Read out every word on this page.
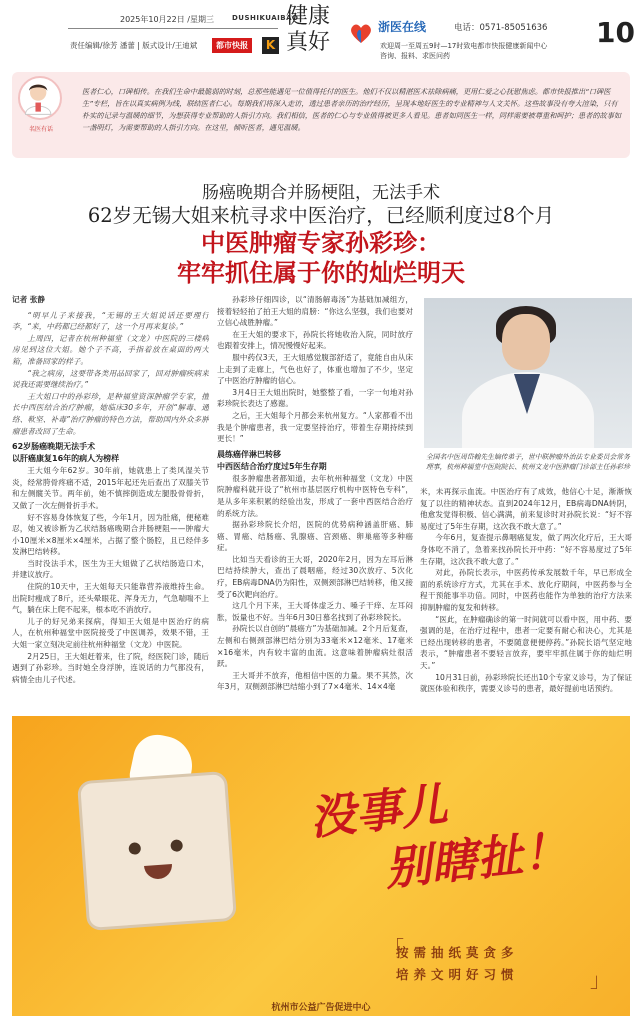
2025年10月22日 /星期三	DUSHIKUAIBAO
责任编辑/徐芳 潘蕾 | 版式设计/王迪斌	都市快报	K
健康
真好
浙医在线	电话：0571-85051636
欢迎周一至周五9时—17时致电都市快报健康新闻中心
咨询、报料、求医问药
10
名医有话
医者仁心，口碑相传。在我们生命中最脆弱的时刻，总那些能遇见一位值得托付的医生。他们不仅以精湛医术祛除病痛，更用仁爱之心抚慰焦虑。都市快报推出“口碑医生”专栏，旨在以真实病例为线，联结医者仁心。每期我们将深入走访，透过患者亲历的治疗经历，呈现本地好医生的专业精神与人文关怀。这些故事没有夸大渲染，只有朴实的记录与温暖的细节，为想获得专业帮助的人指引方向。我们相信，医者的仁心与专业值得被更多人看见。患者如同医生一样，同样需要被尊重和呵护；患者的故事如一盏明灯，为需要帮助的人指引方向。在这里，倾听医者，遇见温暖。
肠癌晚期合并肠梗阻，无法手术
62岁无锡大姐来杭寻求中医治疗，已经顺利度过8个月
中医肿瘤专家孙彩珍：
牢牢抓住属于你的灿烂明天

记者 张静

“明早儿子来接我，“无锡的王大姐说话还要理行李，“来，中药都已经都好了，这一个月再来复诊。”

上周四，记者在杭州种福堂（文龙）中医院的三楼病房见到这位大姐。她个子不高，手指着放在桌面的两大箱，准备回家的样子。

“我之病房，这要带各类用品回家了，回对肿瘤疾病来说我还需要继续治疗。”

王大姐口中的孙彩珍，是种福堂资深肿瘤学专家，擅长中西医结合治疗肿瘤，她临床30多年，开创“解毒、通络、軟坚、补毒”治疗肿瘤的特色方法，帮助国内外众多肿瘤患者改回了生命。

62岁肠癌晚期无法手术

以肝癌康复16年的病人为榜样

王大姐今年62岁。30年前，她就患上了类风湿关节炎，经常胯骨疼痛不适，2015年起还先后查出了双膝关节和左侧髋关节。两年前，她不慎摔倒造成左腿股骨骨折，又做了一次左侧骨折手术。

好不容易身体恢复了些，今年1月，因为肚痛，便秘难忍，她又被诊断为乙状结肠癌晚期合并肠梗阻——肿瘤大小10厘米×8厘米×4厘米，占据了整个肠腔，且已经伴多发淋巴结转移。

当时没法手术，医生为王大姐做了乙状结肠造口术，并建议放疗。

住院的10天中，王大姐每天只能靠营养液维持生命。出院时瘦成了8斤，还头晕眼花、浑身无力，气急喘喘不上气，躺在床上爬不起来，根本吃不消放疗。

儿子的好兄弟来探病，得知王大姐是中医治疗的病人，在杭州种福堂中医院接受了中医调养，效果不错，王大姐一家立刻决定前往杭州种福堂（文龙）中医院。

2月25日，王大姐赶着来，住了院，经医院门诊，随后遇到了孙彩珍。当时她全身浮肿，连说话的力气都没有，病情全由儿子代述。

孙彩珍仔细四诊，以“清肠解毒汤”为基础加减组方，接着轻轻拍了拍王大姐的肩膀：“你这么坚强，我们也要对立信心战胜肿瘤。”

在王大姐的要求下，孙院长将她收治入院，同时放疗也跟着安排上，情况慢慢好起来。

服中药仅3天，王大姐感觉腹部舒适了，竟能自由从床上走到了走廊上，气色也好了，体重也增加了不少，坚定了中医治疗肿瘤的信心。

3月4日王大姐出院时，她整整了看，一字一句地对孙彩珍院长表达了感谢。

之后，王大姐每个月都会来杭州复方。“人家都看不出我是个肿瘤患者，我一定要坚持治疗，带着生存期持续到更长！”

晨练癌伴淋巴转移

中西医结合治疗度过5年生存期

很多肿瘤患者都知道，去年杭州种福堂（文龙）中医院肿瘤科就开设了“杭州市基层医疗机构中医特色专科”，是从多年来积累的经验出发，形成了一套中西医结合治疗的系统方法。

据孙彩珍院长介绍，医院的优势病种涵盖肝癌、肺癌、胃癌、结肠癌、乳腺癌、宫颈癌、卵巢癌等多种癌症。

比如当天看诊的王大哥，2020年2月，因为左耳后淋巴结持续肿大，查出了晨咽癌，经过30次放疗、5次化疗，EB病毒DNA仍为阳性，双侧颈部淋巴结转移，他又接受了6次靶向治疗。

这几个月下来，王大哥体虚乏力、嗓子干痒、左耳闷胀，饭量也不好。当年6月30日慕名找到了孙彩珍院长。

孙院长以自创的“晨癌方”为基础加减。2个月后复查，左侧和右侧颈部淋巴结分别为33毫米×12毫米、17毫米×16毫米，内有较丰富的血流。这意味着肿瘤病灶很活跃。

王大哥并不放弃，他相信中医的力量。果不其然，次年3月，双侧颈部淋巴结缩小到了7×4毫米、14×4毫

全国名中医周岱翰先生嫡传弟子，世中联肿瘤外治法专业委员会常务理事，杭州种福堂中医院院长、杭州文龙中医肿瘤门诊部主任孙彩珍

米，未再探示血流。中医治疗有了成效，他信心十足，渐渐恢复了以往的精神状态。直到2024年12月，EB病毒DNA转阴，他愈发觉得积极、信心满满，前来复诊时对孙院长说：“好不容易度过了5年生存期，这次我不敢大意了。”

今年6月，复查提示鼻咽癌复发，做了两次化疗后，王大哥身体吃不消了，急着来找孙院长开中药：“好不容易度过了5年生存期，这次我不敢大意了。”

对此，孙院长表示，中医药传承发展数千年，早已形成全面的系统诊疗方式，尤其在手术、放化疗期间，中医药参与全程干预能事半功倍。同时，中医药也能作为单独的治疗方法来抑制肿瘤的复发和转移。

“医此，在肿瘤确诊的第一时间就可以看中医，用中药、要强调的是，在治疗过程中，患者一定要有耐心和决心，尤其是已经出现转移的患者，不要随意便便停药。”孙院长语气坚定地表示，“肿瘤患者不要轻言放弃，要牢牢抓住属于你的灿烂明天。”

10月31日前，孙彩珍院长还出10个专家义诊号，为了保证就医体验和秩序，需要义诊号的患者，最好提前电话预约。

没事儿
别瞎扯！
「
按需抽纸莫贪多
培养文明好习惯	」
杭州市公益广告促进中心
